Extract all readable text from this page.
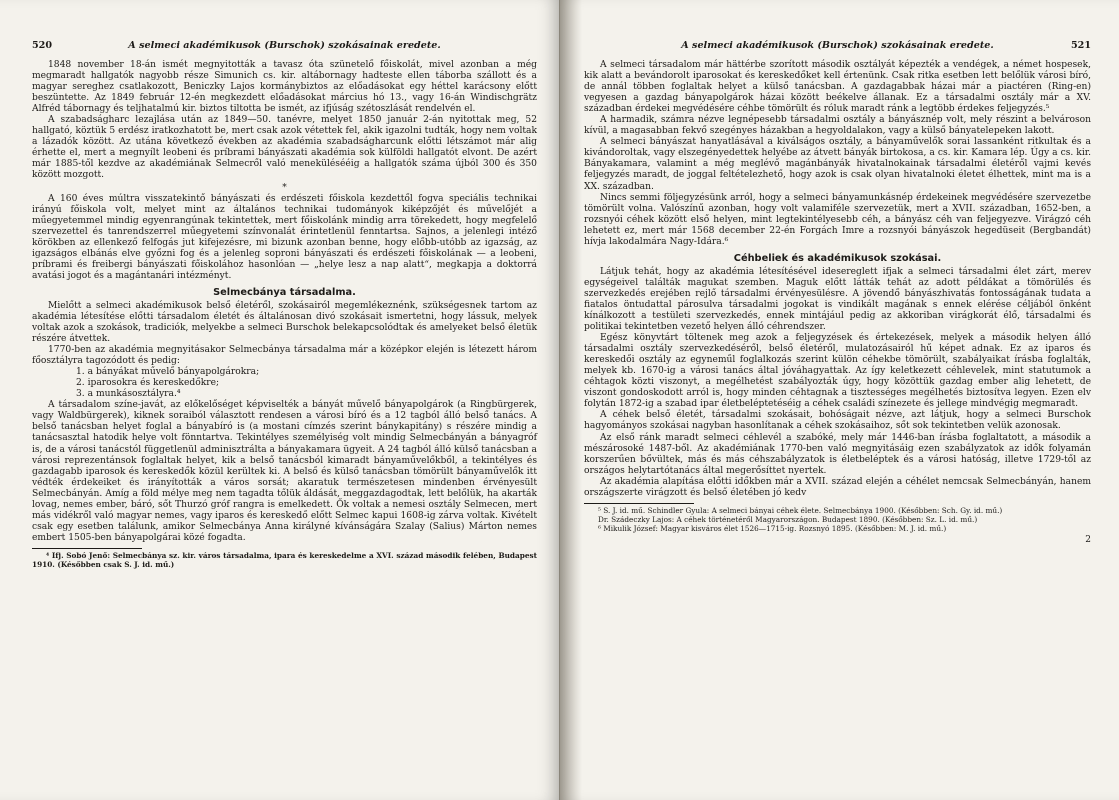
520	A selmeci akadémikusok (Burschok) szokásainak eredete.

1848 november 18-án ismét megnyitották a tavasz óta szünetelő főiskolát, mivel azonban a még megmaradt hallgatók nagyobb része Simunich cs. kir. altábornagy hadteste ellen táborba szállott és a magyar sereghez csatlakozott, Beniczky Lajos kormánybiztos az előadásokat egy héttel karácsony előtt beszüntette. Az 1849 február 12-én megkezdett előadásokat március hó 13., vagy 16-án Windischgrätz Alfréd tábornagy és teljhatalmú kir. biztos tiltotta be ismét, az ifjúság szétoszlását rendelvén el.

A szabadságharc lezajlása után az 1849—50. tanévre, melyet 1850 január 2-án nyitottak meg, 52 hallgató, köztük 5 erdész iratkozhatott be, mert csak azok vétettek fel, akik igazolni tudták, hogy nem voltak a lázadók között. Az utána következő években az akadémia szabadságharcunk előtti létszámot már alig érhette el, mert a megnyílt leobeni és príbrami bányászati akadémia sok külföldi hallgatót elvont. De azért már 1885-től kezdve az akadémiának Selmecről való menekülésééig a hallgatók száma újból 300 és 350 között mozgott.

*

A 160 éves múltra visszatekintő bányászati és erdészeti főiskola kezdettől fogva speciális technikai irányú főiskola volt, melyet mint az általános technikai tudományok kiképzőjét és művelőjét a műegyetemmel mindig egyenrangúnak tekintettek, mert főiskolánk mindig arra törekedett, hogy megfelelő szervezettel és tanrendszerrel műegyetemi színvonalát érintetlenül fenntartsa. Sajnos, a jelenlegi intéző körökben az ellenkező felfogás jut kifejezésre, mi bizunk azonban benne, hogy előbb-utóbb az igazság, az igazságos elbánás elve győzni fog és a jelenleg soproni bányászati és erdészeti főiskolának — a leobeni, príbrami és freibergi bányászati főiskolához hasonlóan — „helye lesz a nap alatt“, megkapja a doktorrá avatási jogot és a magántanári intézményt.

Selmecbánya társadalma.

Mielőtt a selmeci akadémikusok belső életéről, szokásairól megemlékeznénk, szükségesnek tartom az akadémia létesítése előtti társadalom életét és általánosan divó szokásait ismertetni, hogy lássuk, melyek voltak azok a szokások, tradiciók, melyekbe a selmeci Burschok belekapcsolódtak és amelyeket belső életük részére átvettek.

1770-ben az akadémia megnyitásakor Selmecbánya társadalma már a középkor elején is létezett három főosztályra tagozódott és pedig:

1. a bányákat művelő bányapolgárokra;
2. iparosokra és kereskedőkre;
3. a munkásosztályra.⁴

A társadalom színe-javát, az előkelőséget képviselték a bányát művelő bányapolgárok (a Ringbürgerek, vagy Waldbürgerek), kiknek soraiból választott rendesen a városi bíró és a 12 tagból álló belső tanács. A belső tanácsban helyet foglal a bányabíró is (a mostani címzés szerint bánykapitány) s részére mindig a tanácsasztal hatodik helye volt fönntartva. Tekintélyes személyiség volt mindig Selmecbányán a bányagróf is, de a városi tanácstól függetlenül adminisztrálta a bányakamara ügyeit. A 24 tagból álló külső tanácsban a városi reprezentánsok foglaltak helyet, kik a belső tanácsból kimaradt bányaművelőkből, a tekintélyes és gazdagabb iparosok és kereskedők közül kerültek ki. A belső és külső tanácsban tömörült bányaművelők itt védték érdekeiket és irányították a város sorsát; akaratuk természetesen mindenben érvényesült Selmecbányán. Amíg a föld mélye meg nem tagadta tőlük áldását, meggazdagodtak, lett belőlük, ha akarták lovag, nemes ember, báró, sőt Thurzó gróf rangra is emelkedett. Ők voltak a nemesi osztály Selmecen, mert más vidékről való magyar nemes, vagy iparos és kereskedő előtt Selmec kapui 1608-ig zárva voltak. Kivételt csak egy esetben találunk, amikor Selmecbánya Anna királyné kívánságára Szalay (Salius) Márton nemes embert 1505-ben bányapolgárai közé fogadta.

⁴ Ifj. Sobó Jenő: Selmecbánya sz. kir. város társadalma, ipara és kereskedelme a XVI. század második felében, Budapest 1910. (Későbben csak S. J. id. mű.)

A selmeci akadémikusok (Burschok) szokásainak eredete.	521

A selmeci társadalom már hättérbe szorított második osztályát képezték a vendégek, a német hospesek, kik alatt a bevándorolt iparosokat és kereskedőket kell értenünk. Csak ritka esetben lett belőlük városi bíró, de annál többen foglaltak helyet a külső tanácsban. A gazdagabbak házai már a piactéren (Ring-en) vegyesen a gazdag bányapolgárok házai között beékelve állanak. Ez a társadalmi osztály már a XV. században érdekei megvédésére céhbe tömörült és róluk maradt ránk a legtöbb érdekes feljegyzés.⁵

A harmadik, számra nézve legnépesebb társadalmi osztály a bányásznép volt, mely részint a belvároson kívül, a magasabban fekvő szegényes házakban a hegyoldalakon, vagy a külső bányatelepeken lakott.

A selmeci bányászat hanyatlásával a kiválságos osztály, a bányaművelők sorai lassanként ritkultak és a kivándoroltak, vagy elszegényedettek helyébe az átvett bányák birtokosa, a cs. kir. Kamara lép. Úgy a cs. kir. Bányakamara, valamint a még meglévő magánbányák hivatalnokainak társadalmi életéről vajmi kevés feljegyzés maradt, de joggal feltételezhető, hogy azok is csak olyan hivatalnoki életet élhettek, mint ma is a XX. században.

Nincs semmi följegyzésünk arról, hogy a selmeci bányamunkásnép érdekeinek megvédésére szervezetbe tömörült volna. Valószínű azonban, hogy volt valamiféle szervezetük, mert a XVII. században, 1652-ben, a rozsnyói céhek között első helyen, mint legtekintélyesebb céh, a bányász céh van feljegyezve. Virágzó céh lehetett ez, mert már 1568 december 22-én Forgách Imre a rozsnyói bányászok hegedüseit (Bergbandát) hívja lakodalmára Nagy-Idára.⁶

Céhbeliek és akadémikusok szokásai.

Látjuk tehát, hogy az akadémia létesítésével idesereglett ifjak a selmeci társadalmi élet zárt, merev egységeivel találták magukat szemben. Maguk előtt látták tehát az adott példákat a tömörülés és szervezkedés erejében rejlő társadalmi érvényesülésre. A jövendő bányászhivatás fontosságának tudata a fiatalos öntudattal párosulva társadalmi jogokat is vindikált magának s ennek elérése céljából önként kínálkozott a testületi szervezkedés, ennek mintájául pedig az akkoriban virágkorát élő, társadalmi és politikai tekintetben vezető helyen álló céhrendszer.

Egész könyvtárt töltenek meg azok a feljegyzések és értekezések, melyek a második helyen álló társadalmi osztály szervezkedéséről, belső életéről, mulatozásairól hű képet adnak. Ez az iparos és kereskedői osztály az egyneműl foglalkozás szerint külön céhekbe tömörült, szabályaikat írásba foglalták, melyek kb. 1670-ig a városi tanács által jóváhagyattak. Az így keletkezett céhlevelek, mint statutumok a céhtagok közti viszonyt, a megélhetést szabályozták úgy, hogy közöttük gazdag ember alig lehetett, de viszont gondoskodott arról is, hogy minden céhtagnak a tisztességes megélhetés biztosítva legyen. Ezen elv folytán 1872-ig a szabad ipar életbeléptetéséig a céhek családi színezete és jellege mindvégig megmaradt.

A céhek belső életét, társadalmi szokásait, bohóságait nézve, azt látjuk, hogy a selmeci Burschok hagyományos szokásai nagyban hasonlítanak a céhek szokásaihoz, sőt sok tekintetben velük azonosak.

Az első ránk maradt selmeci céhlevél a szabóké, mely már 1446-ban írásba foglaltatott, a második a mészárosoké 1487-ből. Az akadémiának 1770-ben való megnyitásáig ezen szabályzatok az idők folyamán korszerűen bővültek, más és más céhszabályzatok is életbeléptek és a városi hatóság, illetve 1729-től az országos helytartótanács által megerősíttet nyertek.

Az akadémia alapítása előtti időkben már a XVII. század elején a céhélet nemcsak Selmecbányán, hanem országszerte virágzott és belső életében jó kedv

⁵ S. J. id. mű. Schindler Gyula: A selmeci bányai céhek élete. Selmecbánya 1900. (Későbben: Sch. Gy. id. mű.)

Dr. Szádeczky Lajos: A céhek történetéről Magyarországon. Budapest 1890. (Későbben: Sz. L. id. mű.)

⁶ Mikulik József: Magyar kisváros élet 1526—1715-ig. Rozsnyó 1895. (Későbben: M. J. id. mű.)

2
